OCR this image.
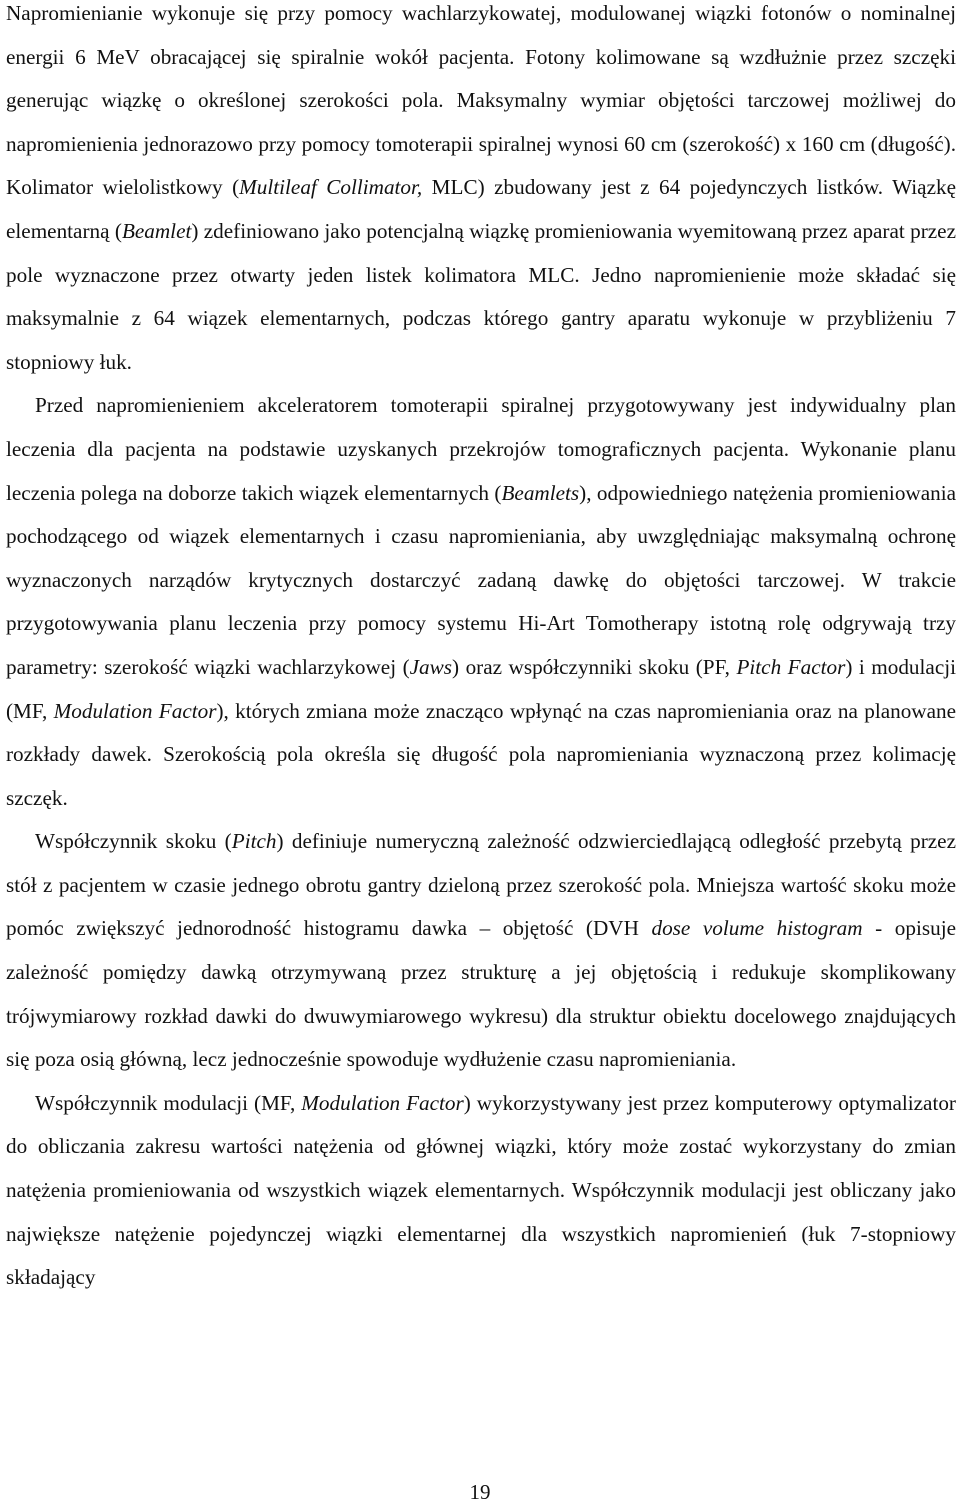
Napromienianie wykonuje się przy pomocy wachlarzykowatej, modulowanej wiązki fotonów o nominalnej energii 6 MeV obracającej się spiralnie wokół pacjenta. Fotony kolimowane są wzdłużnie przez szczęki generując wiązkę o określonej szerokości pola. Maksymalny wymiar objętości tarczowej możliwej do napromienienia jednorazowo przy pomocy tomoterapii spiralnej wynosi 60 cm (szerokość) x 160 cm (długość). Kolimator wielolistkowy (Multileaf Collimator, MLC) zbudowany jest z 64 pojedynczych listków. Wiązkę elementarną (Beamlet) zdefiniowano jako potencjalną wiązkę promieniowania wyemitowaną przez aparat przez pole wyznaczone przez otwarty jeden listek kolimatora MLC. Jedno napromienienie może składać się maksymalnie z 64 wiązek elementarnych, podczas którego gantry aparatu wykonuje w przybliżeniu 7 stopniowy łuk.

Przed napromienieniem akceleratorem tomoterapii spiralnej przygotowywany jest indywidualny plan leczenia dla pacjenta na podstawie uzyskanych przekrojów tomograficznych pacjenta. Wykonanie planu leczenia polega na doborze takich wiązek elementarnych (Beamlets), odpowiedniego natężenia promieniowania pochodzącego od wiązek elementarnych i czasu napromieniania, aby uwzględniając maksymalną ochronę wyznaczonych narządów krytycznych dostarczyć zadaną dawkę do objętości tarczowej. W trakcie przygotowywania planu leczenia przy pomocy systemu Hi-Art Tomotherapy istotną rolę odgrywają trzy parametry: szerokość wiązki wachlarzykowej (Jaws) oraz współczynniki skoku (PF, Pitch Factor) i modulacji (MF, Modulation Factor), których zmiana może znacząco wpłynąć na czas napromieniania oraz na planowane rozkłady dawek. Szerokością pola określa się długość pola napromieniania wyznaczoną przez kolimację szczęk.

Współczynnik skoku (Pitch) definiuje numeryczną zależność odzwierciedlającą odległość przebytą przez stół z pacjentem w czasie jednego obrotu gantry dzieloną przez szerokość pola. Mniejsza wartość skoku może pomóc zwiększyć jednorodność histogramu dawka – objętość (DVH dose volume histogram - opisuje zależność pomiędzy dawką otrzymywaną przez strukturę a jej objętością i redukuje skomplikowany trójwymiarowy rozkład dawki do dwuwymiarowego wykresu) dla struktur obiektu docelowego znajdujących się poza osią główną, lecz jednocześnie spowoduje wydłużenie czasu napromieniania.

Współczynnik modulacji (MF, Modulation Factor) wykorzystywany jest przez komputerowy optymalizator do obliczania zakresu wartości natężenia od głównej wiązki, który może zostać wykorzystany do zmian natężenia promieniowania od wszystkich wiązek elementarnych. Współczynnik modulacji jest obliczany jako największe natężenie pojedynczej wiązki elementarnej dla wszystkich napromienień (łuk 7-stopniowy składający

19
